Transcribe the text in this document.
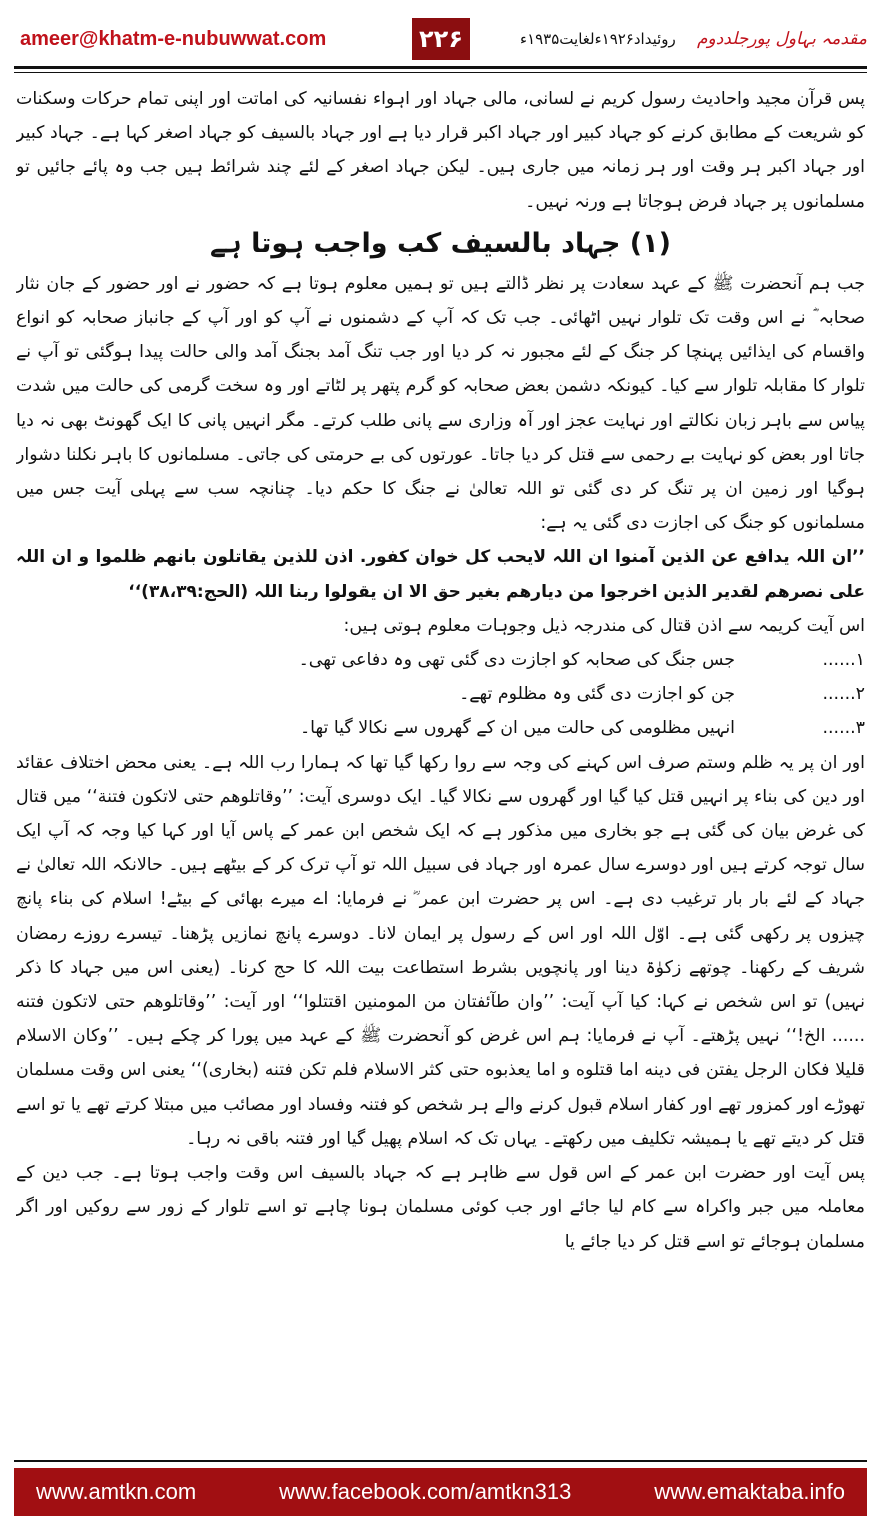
ameer@khatm-e-nubuwwat.com	۲۲۶	روئیداد۱۹۲۶ءلغایت۱۹۳۵ء مقدمہ بہاول پورجلددوم

پس قرآن مجید واحادیث رسول کریم نے لسانی، مالی جہاد اور اہواء نفسانیہ کی اماتت اور اپنی تمام حرکات وسکنات کو شریعت کے مطابق کرنے کو جہاد کبیر اور جہاد اکبر قرار دیا ہے اور جہاد بالسیف کو جہاد اصغر کہا ہے۔ جہاد کبیر اور جہاد اکبر ہر وقت اور ہر زمانہ میں جاری ہیں۔ لیکن جہاد اصغر کے لئے چند شرائط ہیں جب وہ پائے جائیں تو مسلمانوں پر جہاد فرض ہوجاتا ہے ورنہ نہیں۔

(۱) جہاد بالسیف کب واجب ہوتا ہے

جب ہم آنحضرت ﷺ کے عہد سعادت پر نظر ڈالتے ہیں تو ہمیں معلوم ہوتا ہے کہ حضور نے اور حضور کے جان نثار صحابہ ؓ نے اس وقت تک تلوار نہیں اٹھائی۔ جب تک کہ آپ کے دشمنوں نے آپ کو اور آپ کے جانباز صحابہ کو انواع واقسام کی ایذائیں پہنچا کر جنگ کے لئے مجبور نہ کر دیا اور جب تنگ آمد بجنگ آمد والی حالت پیدا ہوگئی تو آپ نے تلوار کا مقابلہ تلوار سے کیا۔ کیونکہ دشمن بعض صحابہ کو گرم پتھر پر لٹاتے اور وہ سخت گرمی کی حالت میں شدت پیاس سے باہر زبان نکالتے اور نہایت عجز اور آہ وزاری سے پانی طلب کرتے۔ مگر انہیں پانی کا ایک گھونٹ بھی نہ دیا جاتا اور بعض کو نہایت بے رحمی سے قتل کر دیا جاتا۔ عورتوں کی بے حرمتی کی جاتی۔ مسلمانوں کا باہر نکلنا دشوار ہوگیا اور زمین ان پر تنگ کر دی گئی تو اللہ تعالیٰ نے جنگ کا حکم دیا۔ چنانچہ سب سے پہلی آیت جس میں مسلمانوں کو جنگ کی اجازت دی گئی یہ ہے:

’’ان اللہ یدافع عن الذین آمنوا ان اللہ لایحب کل خوان کفور. اذن للذین یقاتلون بانهم ظلموا و ان اللہ علی نصرهم لقدیر الذین اخرجوا من دیارهم بغیر حق الا ان یقولوا ربنا اللہ (الحج:۳۸،۳۹)‘‘

اس آیت کریمہ سے اذن قتال کی مندرجہ ذیل وجوہات معلوم ہوتی ہیں:

۱......
جس جنگ کی صحابہ کو اجازت دی گئی تھی وہ دفاعی تھی۔
۲......
جن کو اجازت دی گئی وہ مظلوم تھے۔
۳......
انہیں مظلومی کی حالت میں ان کے گھروں سے نکالا گیا تھا۔

اور ان پر یہ ظلم وستم صرف اس کہنے کی وجہ سے روا رکھا گیا تھا کہ ہمارا رب اللہ ہے۔ یعنی محض اختلاف عقائد اور دین کی بناء پر انہیں قتل کیا گیا اور گھروں سے نکالا گیا۔ ایک دوسری آیت: ’’وقاتلوهم حتی لاتکون فتنة‘‘ میں قتال کی غرض بیان کی گئی ہے جو بخاری میں مذکور ہے کہ ایک شخص ابن عمر کے پاس آیا اور کہا کیا وجہ کہ آپ ایک سال توجہ کرتے ہیں اور دوسرے سال عمرہ اور جہاد فی سبیل اللہ تو آپ ترک کر کے بیٹھے ہیں۔ حالانکہ اللہ تعالیٰ نے جہاد کے لئے بار بار ترغیب دی ہے۔ اس پر حضرت ابن عمر ؓ نے فرمایا: اے میرے بھائی کے بیٹے! اسلام کی بناء پانچ چیزوں پر رکھی گئی ہے۔ اوّل اللہ اور اس کے رسول پر ایمان لانا۔ دوسرے پانچ نمازیں پڑھنا۔ تیسرے روزے رمضان شریف کے رکھنا۔ چوتھے زکوٰۃ دینا اور پانچویں بشرط استطاعت بیت اللہ کا حج کرنا۔ (یعنی اس میں جہاد کا ذکر نہیں) تو اس شخص نے کہا: کیا آپ آیت: ’’وان طآئفتان من المومنین اقتتلوا‘‘ اور آیت: ’’وقاتلوهم حتی لاتکون فتنه ...... الخ!‘‘ نہیں پڑھتے۔ آپ نے فرمایا: ہم اس غرض کو آنحضرت ﷺ کے عہد میں پورا کر چکے ہیں۔ ’’وکان الاسلام قلیلا فکان الرجل یفتن فی دینه اما قتلوه و اما یعذبوه حتی کثر الاسلام فلم تکن فتنه (بخاری)‘‘ یعنی اس وقت مسلمان تھوڑے اور کمزور تھے اور کفار اسلام قبول کرنے والے ہر شخص کو فتنہ وفساد اور مصائب میں مبتلا کرتے تھے یا تو اسے قتل کر دیتے تھے یا ہمیشہ تکلیف میں رکھتے۔ یہاں تک کہ اسلام پھیل گیا اور فتنہ باقی نہ رہا۔

پس آیت اور حضرت ابن عمر کے اس قول سے ظاہر ہے کہ جہاد بالسیف اس وقت واجب ہوتا ہے۔ جب دین کے معاملہ میں جبر واکراہ سے کام لیا جائے اور جب کوئی مسلمان ہونا چاہے تو اسے تلوار کے زور سے روکیں اور اگر مسلمان ہوجائے تو اسے قتل کر دیا جائے یا

www.amtkn.com	www.facebook.com/amtkn313	www.emaktaba.info
